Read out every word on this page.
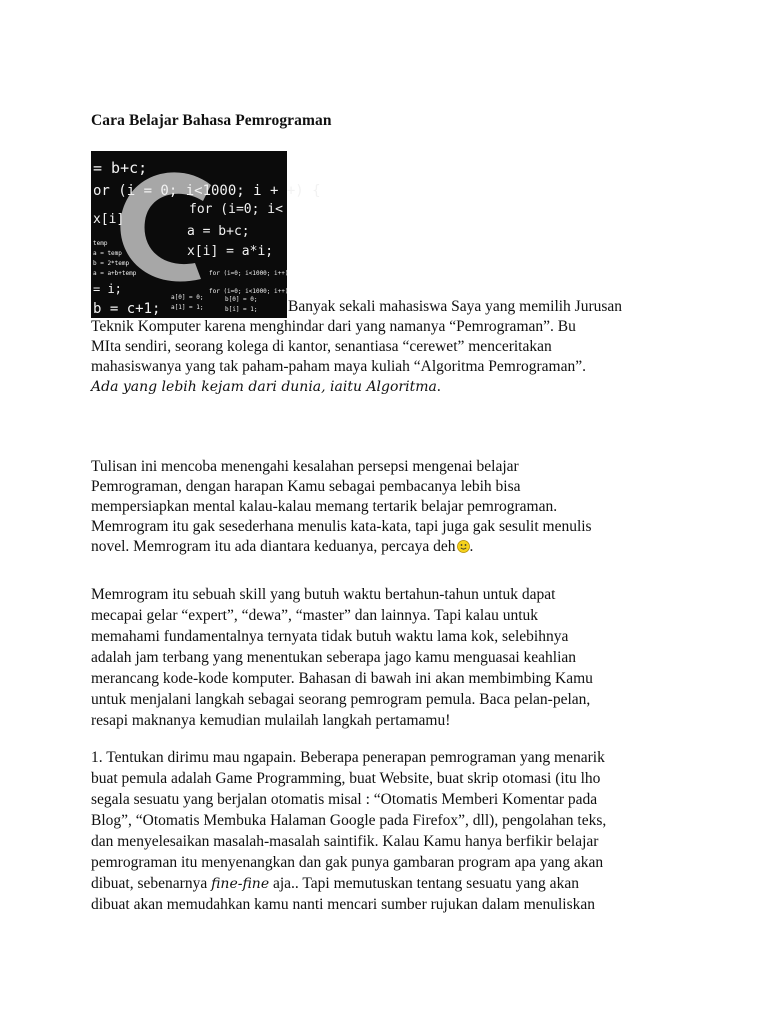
Cara Belajar Bahasa Pemrograman
= b+c;
or (i = 0; i<1000; i + +) {
x[i]
for (i=0; i<
a = b+c;
x[i] = a*i;
temp
a = temp
b = 2*temp
a = a+b+temp
= i;
b = c+1;
for (i=0; i<1000; i++)
for (i=0; i<1000; i++)
a[0] = 0;
a[1] = 1;
b[0] = 0;
b[i] = 1; Banyak sekali mahasiswa Saya yang memilih Jurusan
Teknik Komputer karena menghindar dari yang namanya “Pemrograman”. Bu
MIta sendiri, seorang kolega di kantor, senantiasa “cerewet” menceritakan
mahasiswanya yang tak paham-paham maya kuliah “Algoritma Pemrograman”.
Ada yang lebih kejam dari dunia, iaitu Algoritma.
Tulisan ini mencoba menengahi kesalahan persepsi mengenai belajar
Pemrograman, dengan harapan Kamu sebagai pembacanya lebih bisa
mempersiapkan mental kalau-kalau memang tertarik belajar pemrograman.
Memrogram itu gak sesederhana menulis kata-kata, tapi juga gak sesulit menulis
novel. Memrogram itu ada diantara keduanya, percaya deh .
Memrogram itu sebuah skill yang butuh waktu bertahun-tahun untuk dapat
mecapai gelar “expert”, “dewa”, “master” dan lainnya. Tapi kalau untuk
memahami fundamentalnya ternyata tidak butuh waktu lama kok, selebihnya
adalah jam terbang yang menentukan seberapa jago kamu menguasai keahlian
merancang kode-kode komputer. Bahasan di bawah ini akan membimbing Kamu
untuk menjalani langkah sebagai seorang pemrogram pemula. Baca pelan-pelan,
resapi maknanya kemudian mulailah langkah pertamamu!
1. Tentukan dirimu mau ngapain. Beberapa penerapan pemrograman yang menarik
buat pemula adalah Game Programming, buat Website, buat skrip otomasi (itu lho
segala sesuatu yang berjalan otomatis misal : “Otomatis Memberi Komentar pada
Blog”, “Otomatis Membuka Halaman Google pada Firefox”, dll), pengolahan teks,
dan menyelesaikan masalah-masalah saintifik. Kalau Kamu hanya berfikir belajar
pemrograman itu menyenangkan dan gak punya gambaran program apa yang akan
dibuat, sebenarnya fine-fine aja.. Tapi memutuskan tentang sesuatu yang akan
dibuat akan memudahkan kamu nanti mencari sumber rujukan dalam menuliskan
